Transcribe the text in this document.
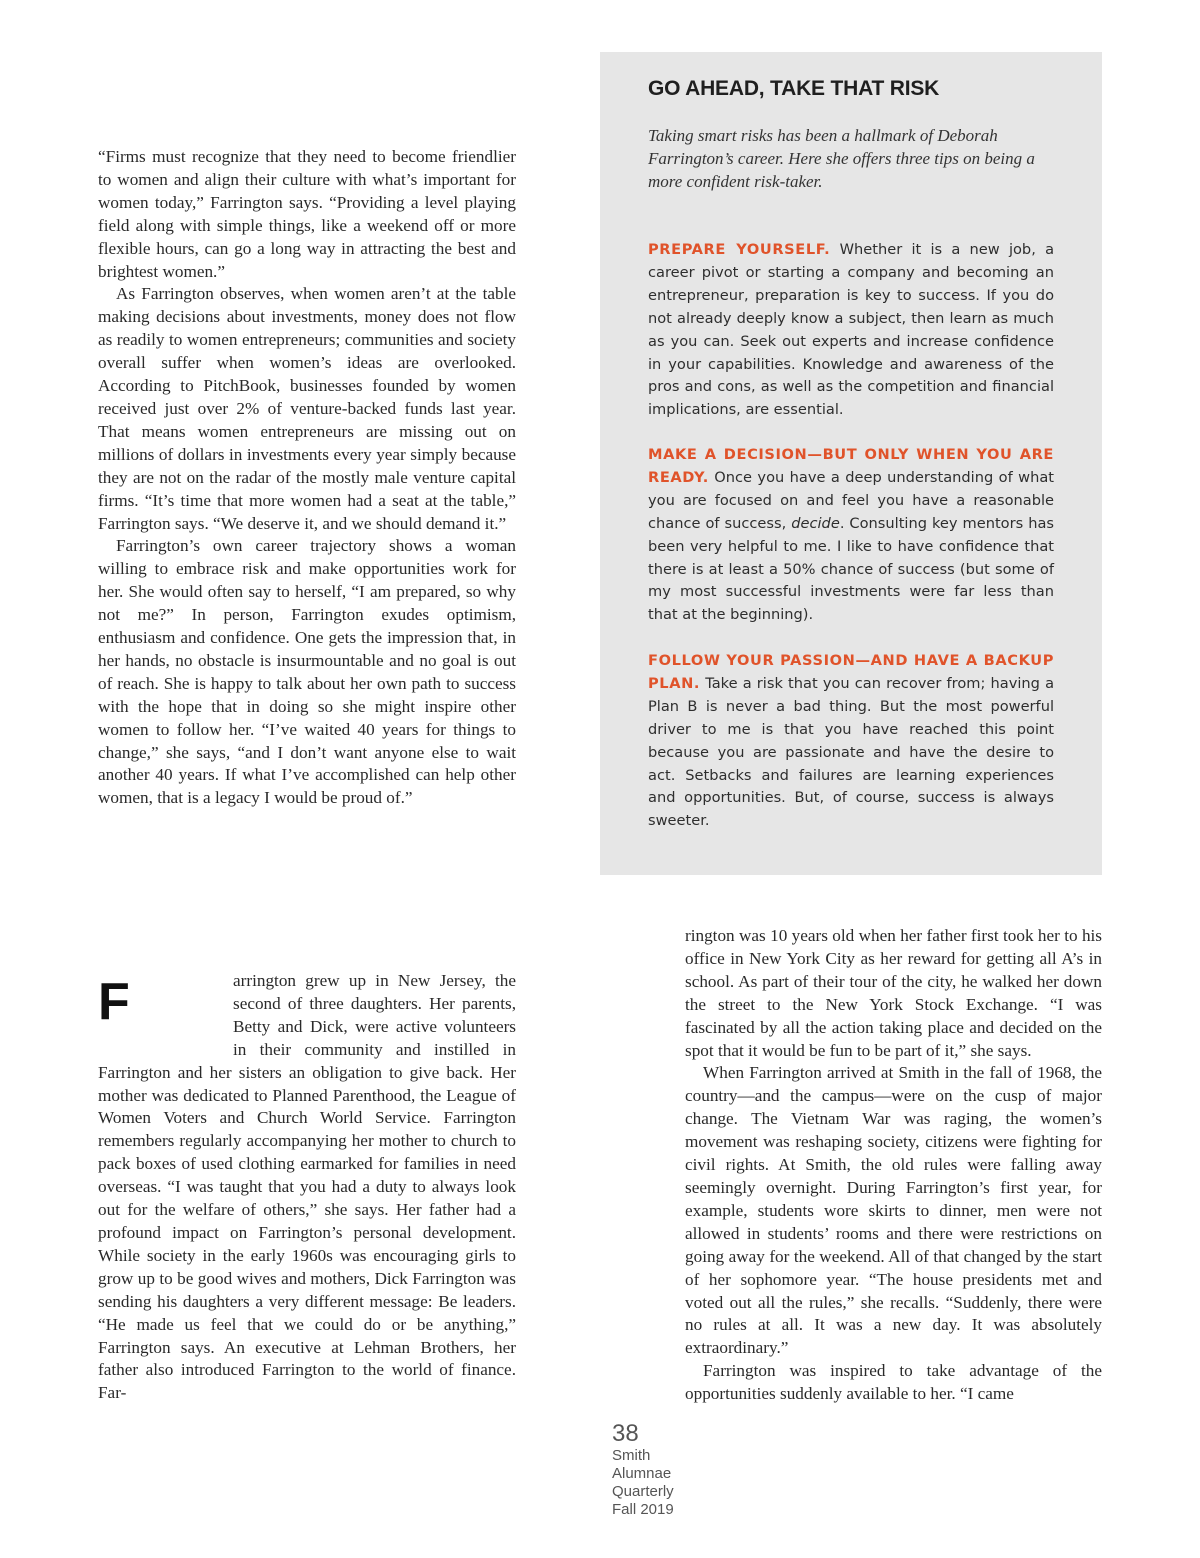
“Firms must recognize that they need to become friendlier to women and align their culture with what’s important for women today,” Farrington says. “Providing a level playing field along with simple things, like a weekend off or more flexible hours, can go a long way in attracting the best and brightest women.”

As Farrington observes, when women aren’t at the table making decisions about investments, money does not flow as readily to women entrepreneurs; communities and society overall suffer when women’s ideas are overlooked. According to PitchBook, businesses founded by women received just over 2% of venture-backed funds last year. That means women entrepreneurs are missing out on millions of dollars in investments every year simply because they are not on the radar of the mostly male venture capital firms. “It’s time that more women had a seat at the table,” Farrington says. “We deserve it, and we should demand it.”

Farrington’s own career trajectory shows a woman willing to embrace risk and make opportunities work for her. She would often say to herself, “I am prepared, so why not me?” In person, Farrington exudes optimism, enthusiasm and confidence. One gets the impression that, in her hands, no obstacle is insurmountable and no goal is out of reach. She is happy to talk about her own path to success with the hope that in doing so she might inspire other women to follow her. “I’ve waited 40 years for things to change,” she says, “and I don’t want anyone else to wait another 40 years. If what I’ve accomplished can help other women, that is a legacy I would be proud of.”

F	arrington grew up in New Jersey, the second of three daughters. Her parents, Betty and Dick, were active volunteers in their community and instilled in Farrington and her sisters an obligation to give back. Her mother was dedicated to Planned Parenthood, the League of Women Voters and Church World Service. Farrington remembers regularly accompanying her mother to church to pack boxes of used clothing earmarked for families in need overseas. “I was taught that you had a duty to always look out for the welfare of others,” she says. Her father had a profound impact on Farrington’s personal development. While society in the early 1960s was encouraging girls to grow up to be good wives and mothers, Dick Farrington was sending his daughters a very different message: Be leaders. “He made us feel that we could do or be anything,” Farrington says. An executive at Lehman Brothers, her father also introduced Farrington to the world of finance. Far-

GO AHEAD, TAKE THAT RISK

Taking smart risks has been a hallmark of Deborah Farrington’s career. Here she offers three tips on being a more confident risk-taker.

PREPARE YOURSELF. Whether it is a new job, a career pivot or starting a company and becoming an entrepreneur, preparation is key to success. If you do not already deeply know a subject, then learn as much as you can. Seek out experts and increase confidence in your capabilities. Knowledge and awareness of the pros and cons, as well as the competition and financial implications, are essential.

MAKE A DECISION—BUT ONLY WHEN YOU ARE READY. Once you have a deep understanding of what you are focused on and feel you have a reasonable chance of success, decide. Consulting key mentors has been very helpful to me. I like to have confidence that there is at least a 50% chance of success (but some of my most successful investments were far less than that at the beginning).

FOLLOW YOUR PASSION—AND HAVE A BACKUP PLAN. Take a risk that you can recover from; having a Plan B is never a bad thing. But the most powerful driver to me is that you have reached this point because you are passionate and have the desire to act. Setbacks and failures are learning experiences and opportunities. But, of course, success is always sweeter.

rington was 10 years old when her father first took her to his office in New York City as her reward for getting all A’s in school. As part of their tour of the city, he walked her down the street to the New York Stock Exchange. “I was fascinated by all the action taking place and decided on the spot that it would be fun to be part of it,” she says.

When Farrington arrived at Smith in the fall of 1968, the country—and the campus—were on the cusp of major change. The Vietnam War was raging, the women’s movement was reshaping society, citizens were fighting for civil rights. At Smith, the old rules were falling away seemingly overnight. During Farrington’s first year, for example, students wore skirts to dinner, men were not allowed in students’ rooms and there were restrictions on going away for the weekend. All of that changed by the start of her sophomore year. “The house presidents met and voted out all the rules,” she recalls. “Suddenly, there were no rules at all. It was a new day. It was absolutely extraordinary.”

Farrington was inspired to take advantage of the opportunities suddenly available to her. “I came

38
Smith
Alumnae
Quarterly
Fall 2019
